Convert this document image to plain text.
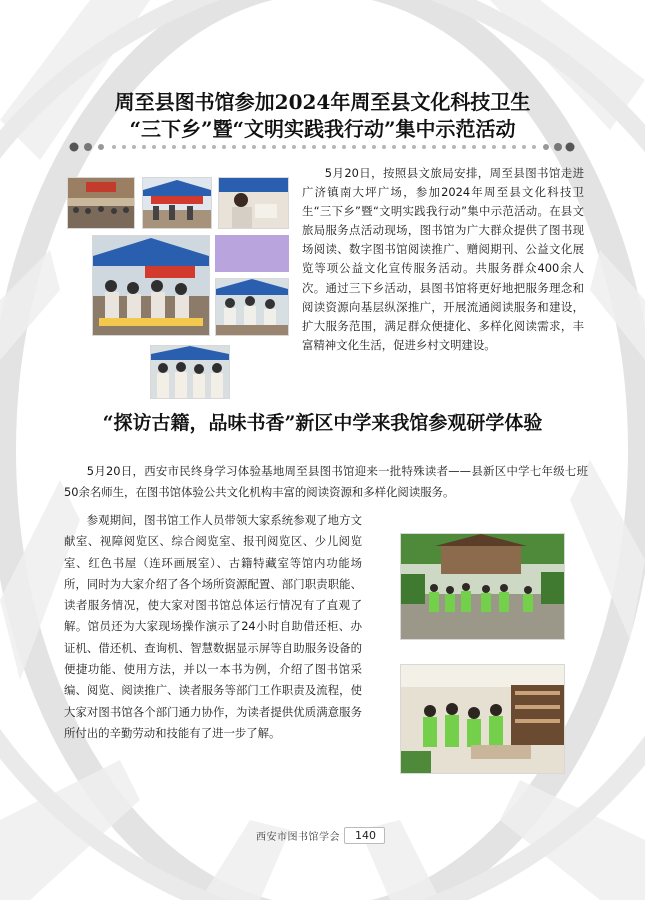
周至县图书馆参加2024年周至县文化科技卫生
“三下乡”暨“文明实践我行动”集中示范活动

5月20日，按照县文旅局安排，周至县图书馆走进广济镇南大坪广场，参加2024年周至县文化科技卫生“三下乡”暨“文明实践我行动”集中示范活动。在县文旅局服务点活动现场，图书馆为广大群众提供了图书现场阅读、数字图书馆阅读推广、赠阅期刊、公益文化展览等项公益文化宣传服务活动。共服务群众400余人次。通过三下乡活动，县图书馆将更好地把服务理念和阅读资源向基层纵深推广，开展流通阅读服务和建设，扩大服务范围，满足群众便捷化、多样化阅读需求，丰富精神文化生活，促进乡村文明建设。

“探访古籍，品味书香”新区中学来我馆参观研学体验

5月20日，西安市民终身学习体验基地周至县图书馆迎来一批特殊读者——县新区中学七年级七班50余名师生，在图书馆体验公共文化机构丰富的阅读资源和多样化阅读服务。

参观期间，图书馆工作人员带领大家系统参观了地方文献室、视障阅览区、综合阅览室、报刊阅览区、少儿阅览室、红色书屋（连环画展室）、古籍特藏室等馆内功能场所，同时为大家介绍了各个场所资源配置、部门职责职能、读者服务情况，使大家对图书馆总体运行情况有了直观了解。馆员还为大家现场操作演示了24小时自助借还柜、办证机、借还机、查询机、智慧数据显示屏等自助服务设备的便捷功能、使用方法，并以一本书为例，介绍了图书馆采编、阅览、阅读推广、读者服务等部门工作职责及流程，使大家对图书馆各个部门通力协作，为读者提供优质满意服务所付出的辛勤劳动和技能有了进一步了解。

西安市图书馆学会	140
